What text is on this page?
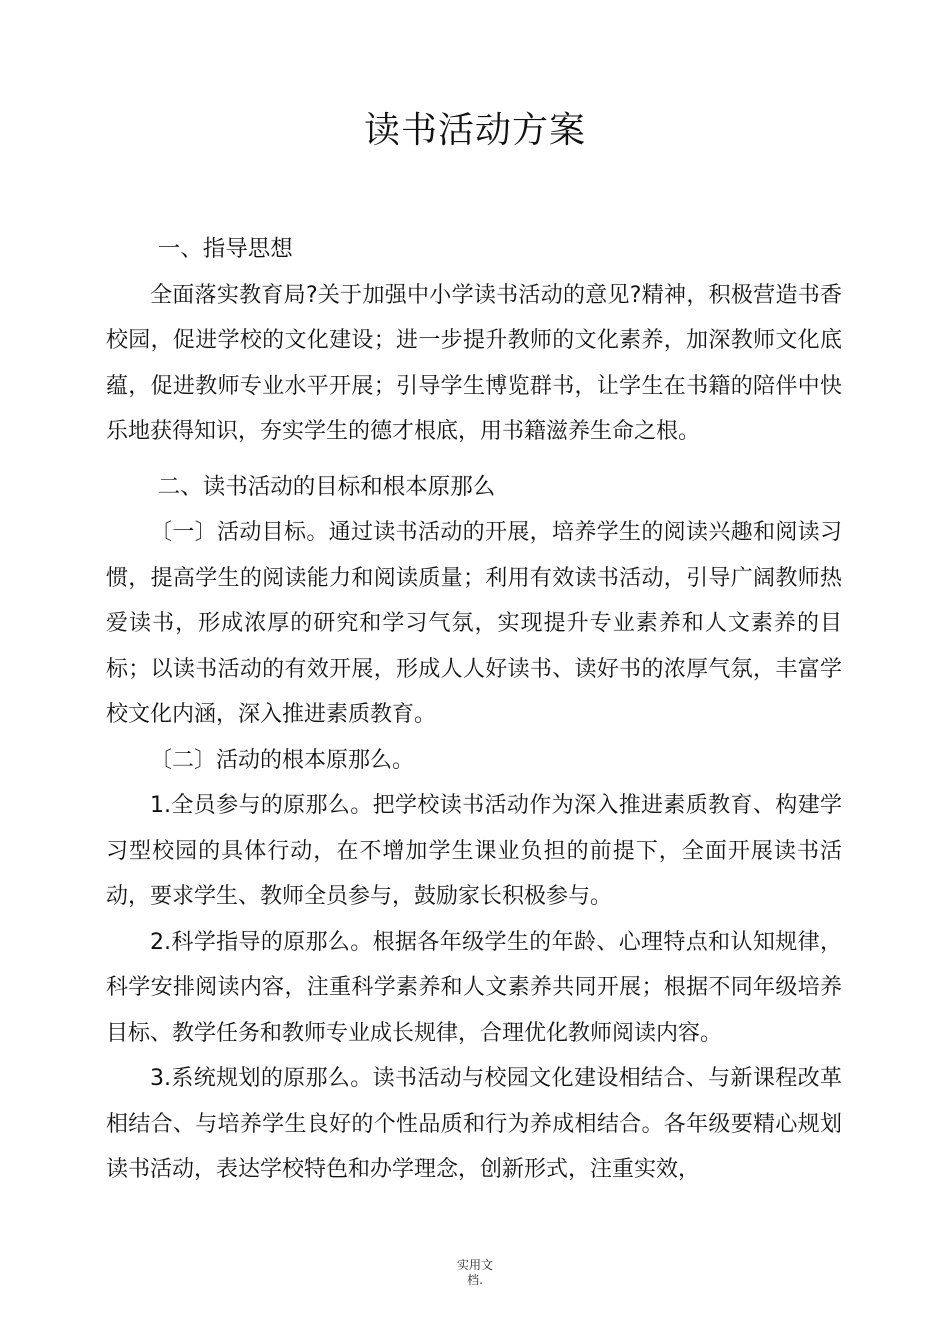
读书活动方案

一、指导思想

全面落实教育局?关于加强中小学读书活动的意见?精神，积极营造书香校园，促进学校的文化建设；进一步提升教师的文化素养，加深教师文化底蕴，促进教师专业水平开展；引导学生博览群书，让学生在书籍的陪伴中快乐地获得知识，夯实学生的德才根底，用书籍滋养生命之根。

二、读书活动的目标和根本原那么

〔一〕活动目标。通过读书活动的开展，培养学生的阅读兴趣和阅读习惯，提高学生的阅读能力和阅读质量；利用有效读书活动，引导广阔教师热爱读书，形成浓厚的研究和学习气氛，实现提升专业素养和人文素养的目标；以读书活动的有效开展，形成人人好读书、读好书的浓厚气氛，丰富学校文化内涵，深入推进素质教育。

〔二〕活动的根本原那么。

1.全员参与的原那么。把学校读书活动作为深入推进素质教育、构建学习型校园的具体行动，在不增加学生课业负担的前提下，全面开展读书活动，要求学生、教师全员参与，鼓励家长积极参与。

2.科学指导的原那么。根据各年级学生的年龄、心理特点和认知规律，科学安排阅读内容，注重科学素养和人文素养共同开展；根据不同年级培养目标、教学任务和教师专业成长规律，合理优化教师阅读内容。

3.系统规划的原那么。读书活动与校园文化建设相结合、与新课程改革相结合、与培养学生良好的个性品质和行为养成相结合。各年级要精心规划读书活动，表达学校特色和办学理念，创新形式，注重实效，

实用文
档.
